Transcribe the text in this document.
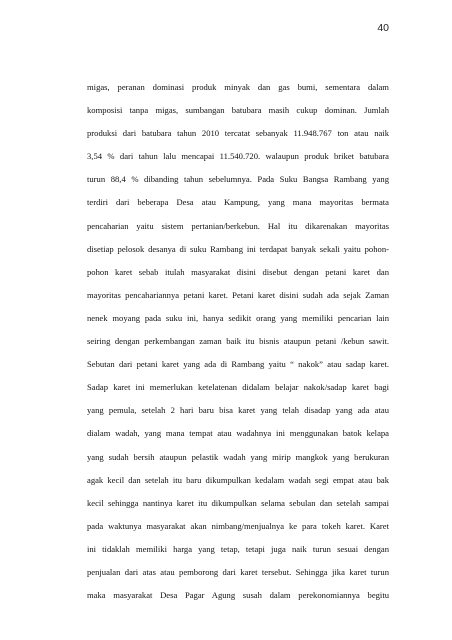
40
migas, peranan dominasi produk minyak dan gas bumi, sementara dalam
komposisi tanpa migas, sumbangan batubara masih cukup dominan. Jumlah
produksi dari batubara tahun 2010 tercatat sebanyak 11.948.767 ton atau naik
3,54 % dari tahun lalu mencapai 11.540.720. walaupun produk briket batubara
turun 88,4 % dibanding tahun sebelumnya. Pada Suku Bangsa Rambang yang
terdiri dari beberapa Desa atau Kampung, yang mana mayoritas bermata
pencaharian yaitu sistem pertanian/berkebun. Hal itu dikarenakan mayoritas
disetiap pelosok desanya di suku Rambang ini terdapat banyak sekali yaitu pohon-
pohon karet sebab itulah masyarakat disini disebut dengan petani karet dan
mayoritas pencahariannya petani karet. Petani karet disini sudah ada sejak Zaman
nenek moyang pada suku ini, hanya sedikit orang yang memiliki pencarian lain
seiring dengan perkembangan zaman baik itu bisnis ataupun petani /kebun sawit.
Sebutan dari petani karet yang ada di Rambang yaitu “ nakok” atau sadap karet.
Sadap karet ini memerlukan ketelatenan didalam belajar nakok/sadap karet bagi
yang pemula, setelah 2 hari baru bisa karet yang telah disadap yang ada atau
dialam wadah, yang mana tempat atau wadahnya ini menggunakan batok kelapa
yang sudah bersih ataupun pelastik wadah yang mirip mangkok yang berukuran
agak kecil dan setelah itu baru dikumpulkan kedalam wadah segi empat atau bak
kecil sehingga nantinya karet itu dikumpulkan selama sebulan dan setelah sampai
pada waktunya masyarakat akan nimbang/menjualnya ke para tokeh karet. Karet
ini tidaklah memiliki harga yang tetap, tetapi juga naik turun sesuai dengan
penjualan dari atas atau pemborong dari karet tersebut. Sehingga jika karet turun
maka masyarakat Desa Pagar Agung susah dalam perekonomiannya begitu
